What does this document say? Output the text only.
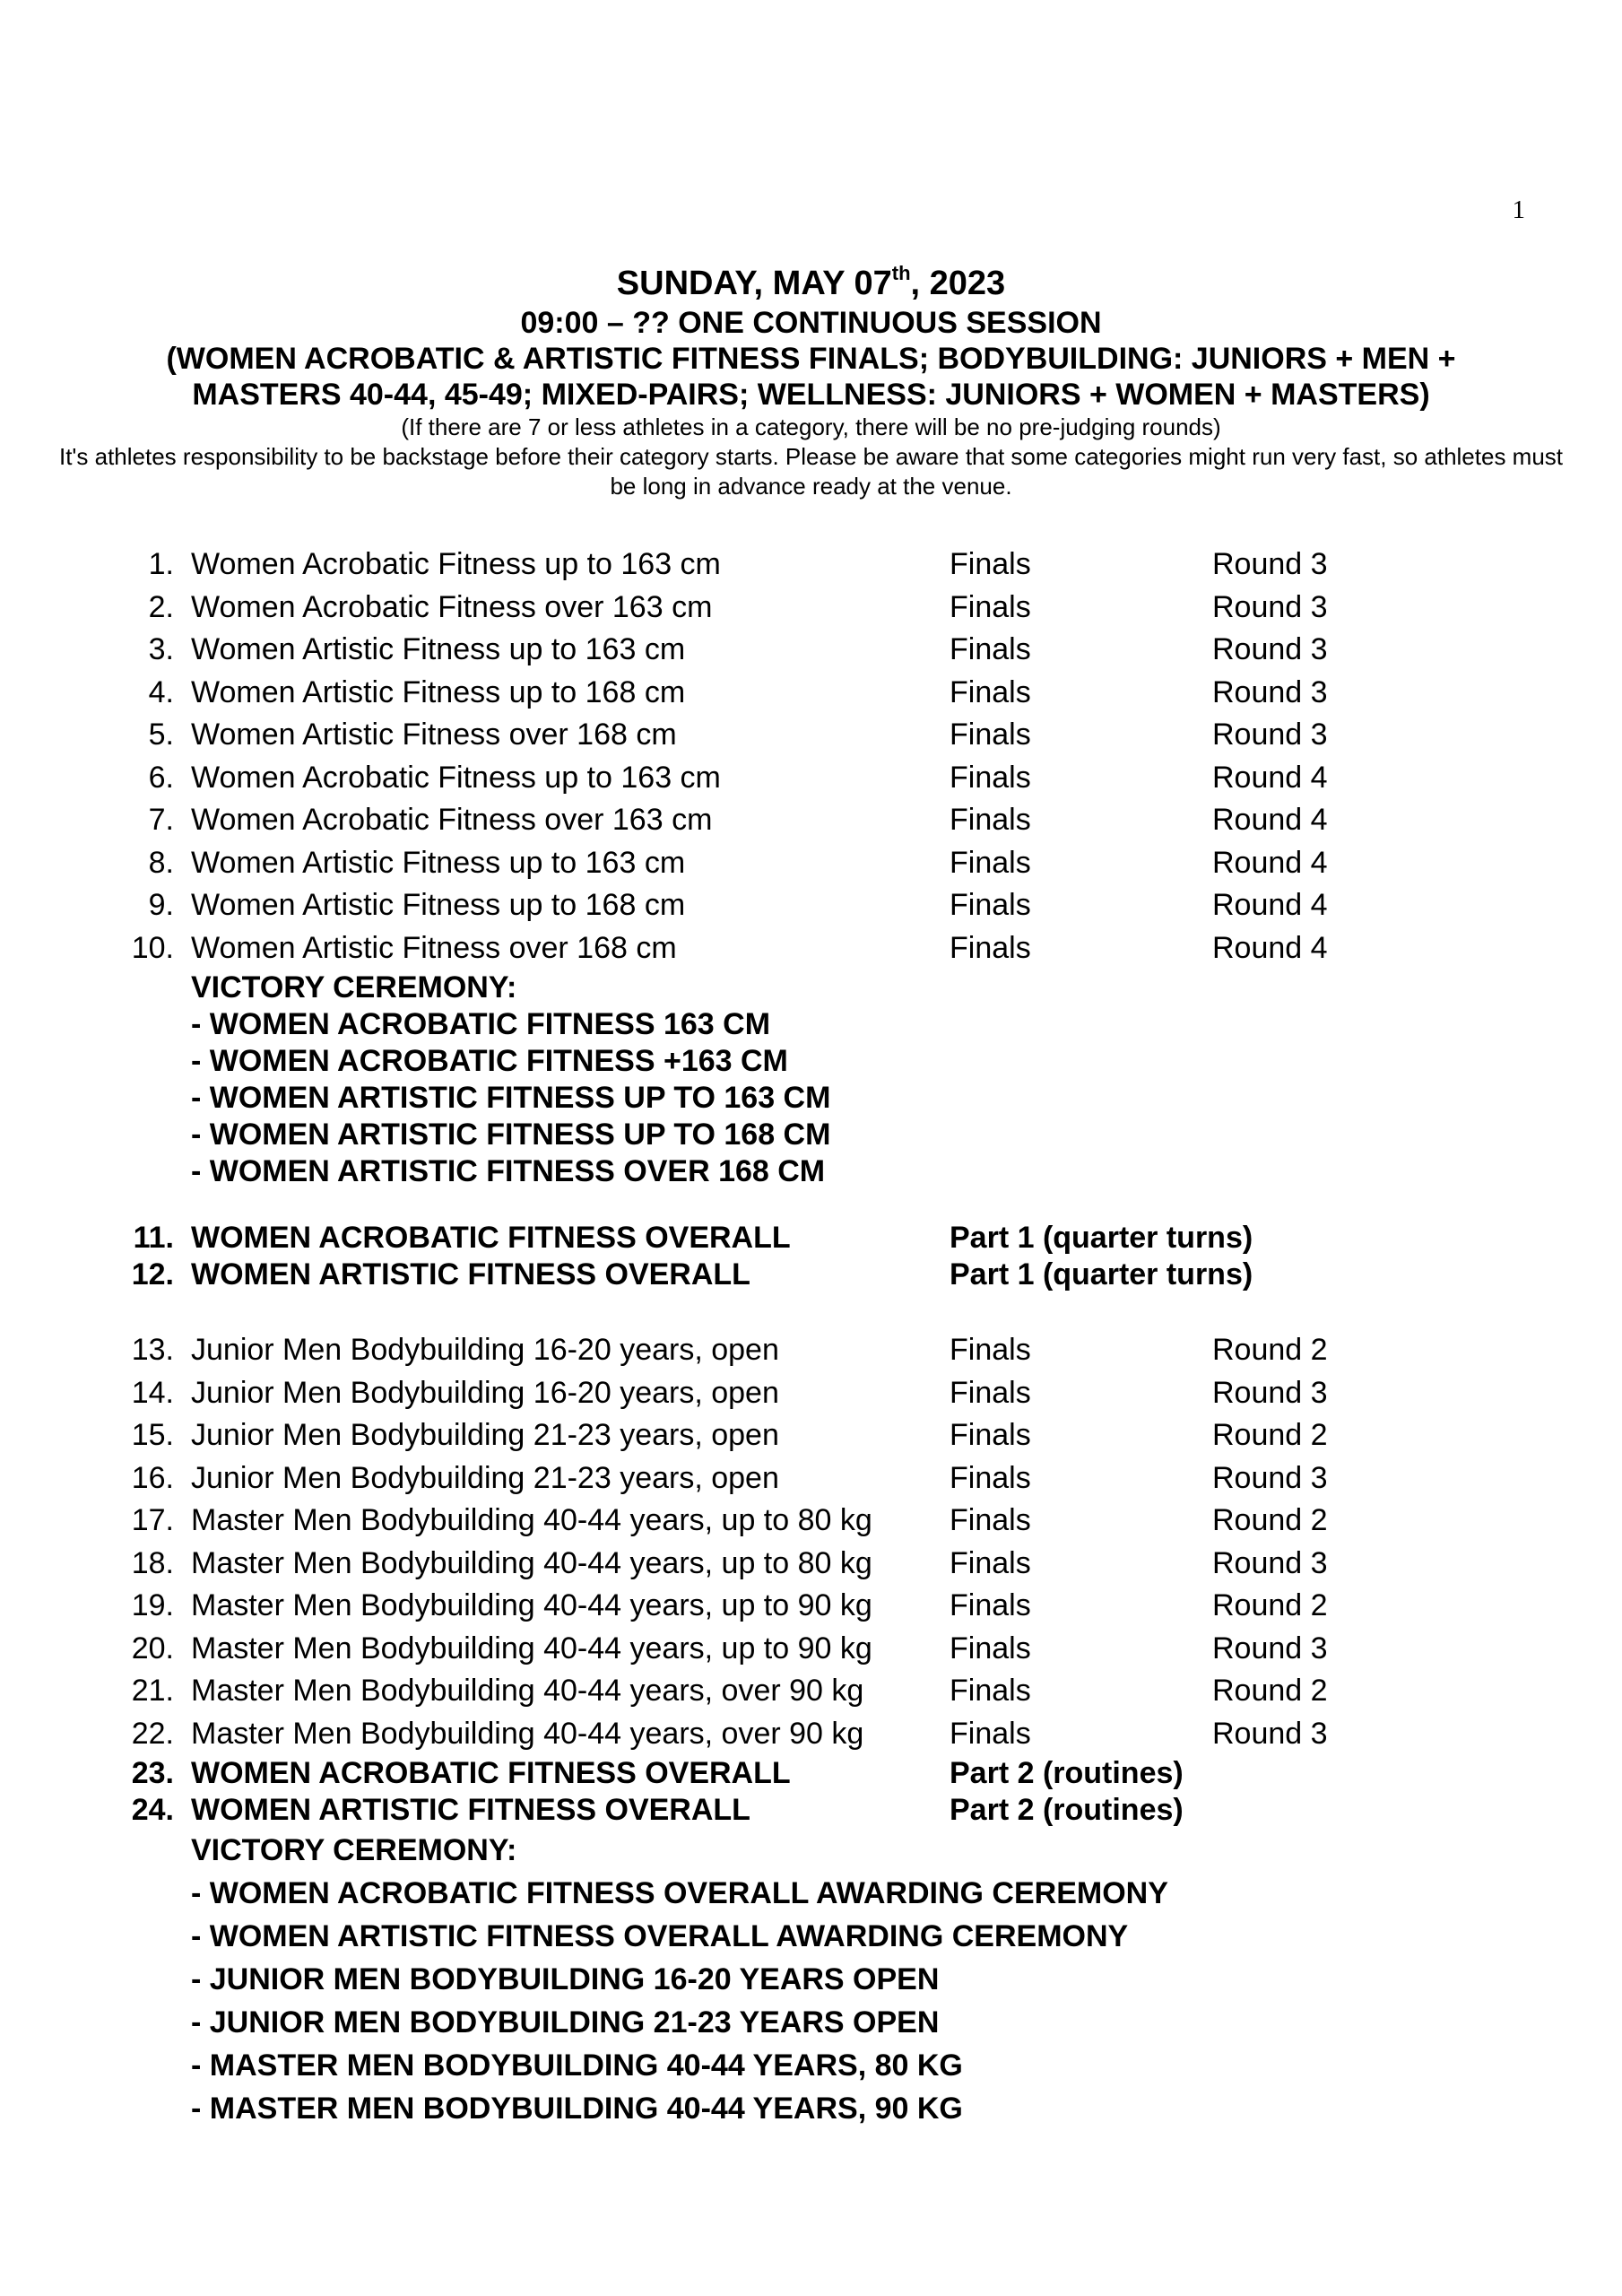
1
SUNDAY, MAY 07th, 2023
09:00 – ?? ONE CONTINUOUS SESSION
(WOMEN ACROBATIC & ARTISTIC FITNESS FINALS; BODYBUILDING: JUNIORS + MEN +
MASTERS 40-44, 45-49; MIXED-PAIRS; WELLNESS: JUNIORS + WOMEN + MASTERS)
(If there are 7 or less athletes in a category, there will be no pre-judging rounds)
It's athletes responsibility to be backstage before their category starts. Please be aware that some categories might run very fast, so athletes must be long in advance ready at the venue.
1. Women Acrobatic Fitness up to 163 cm	Finals	Round 3
2. Women Acrobatic Fitness over 163 cm	Finals	Round 3
3. Women Artistic Fitness up to 163 cm	Finals	Round 3
4. Women Artistic Fitness up to 168 cm	Finals	Round 3
5. Women Artistic Fitness over 168 cm	Finals	Round 3
6. Women Acrobatic Fitness up to 163 cm	Finals	Round 4
7. Women Acrobatic Fitness over 163 cm	Finals	Round 4
8. Women Artistic Fitness up to 163 cm	Finals	Round 4
9. Women Artistic Fitness up to 168 cm	Finals	Round 4
10. Women Artistic Fitness over 168 cm	Finals	Round 4
VICTORY CEREMONY:
- WOMEN ACROBATIC FITNESS 163 CM
- WOMEN ACROBATIC FITNESS +163 CM
- WOMEN ARTISTIC FITNESS UP TO 163 CM
- WOMEN ARTISTIC FITNESS UP TO 168 CM
- WOMEN ARTISTIC FITNESS OVER 168 CM
11. WOMEN ACROBATIC FITNESS OVERALL	Part 1 (quarter turns)
12. WOMEN ARTISTIC FITNESS OVERALL	Part 1 (quarter turns)
13. Junior Men Bodybuilding 16-20 years, open	Finals	Round 2
14. Junior Men Bodybuilding 16-20 years, open	Finals	Round 3
15. Junior Men Bodybuilding 21-23 years, open	Finals	Round 2
16. Junior Men Bodybuilding 21-23 years, open	Finals	Round 3
17. Master Men Bodybuilding 40-44 years, up to 80 kg	Finals	Round 2
18. Master Men Bodybuilding 40-44 years, up to 80 kg	Finals	Round 3
19. Master Men Bodybuilding 40-44 years, up to 90 kg	Finals	Round 2
20. Master Men Bodybuilding 40-44 years, up to 90 kg	Finals	Round 3
21. Master Men Bodybuilding 40-44 years, over 90 kg	Finals	Round 2
22. Master Men Bodybuilding 40-44 years, over 90 kg	Finals	Round 3
23. WOMEN ACROBATIC FITNESS OVERALL	Part 2 (routines)
24. WOMEN ARTISTIC FITNESS OVERALL	Part 2 (routines)
VICTORY CEREMONY:
- WOMEN ACROBATIC FITNESS OVERALL AWARDING CEREMONY
- WOMEN ARTISTIC FITNESS OVERALL AWARDING CEREMONY
- JUNIOR MEN BODYBUILDING 16-20 YEARS OPEN
- JUNIOR MEN BODYBUILDING 21-23 YEARS OPEN
- MASTER MEN BODYBUILDING 40-44 YEARS, 80 KG
- MASTER MEN BODYBUILDING 40-44 YEARS, 90 KG
